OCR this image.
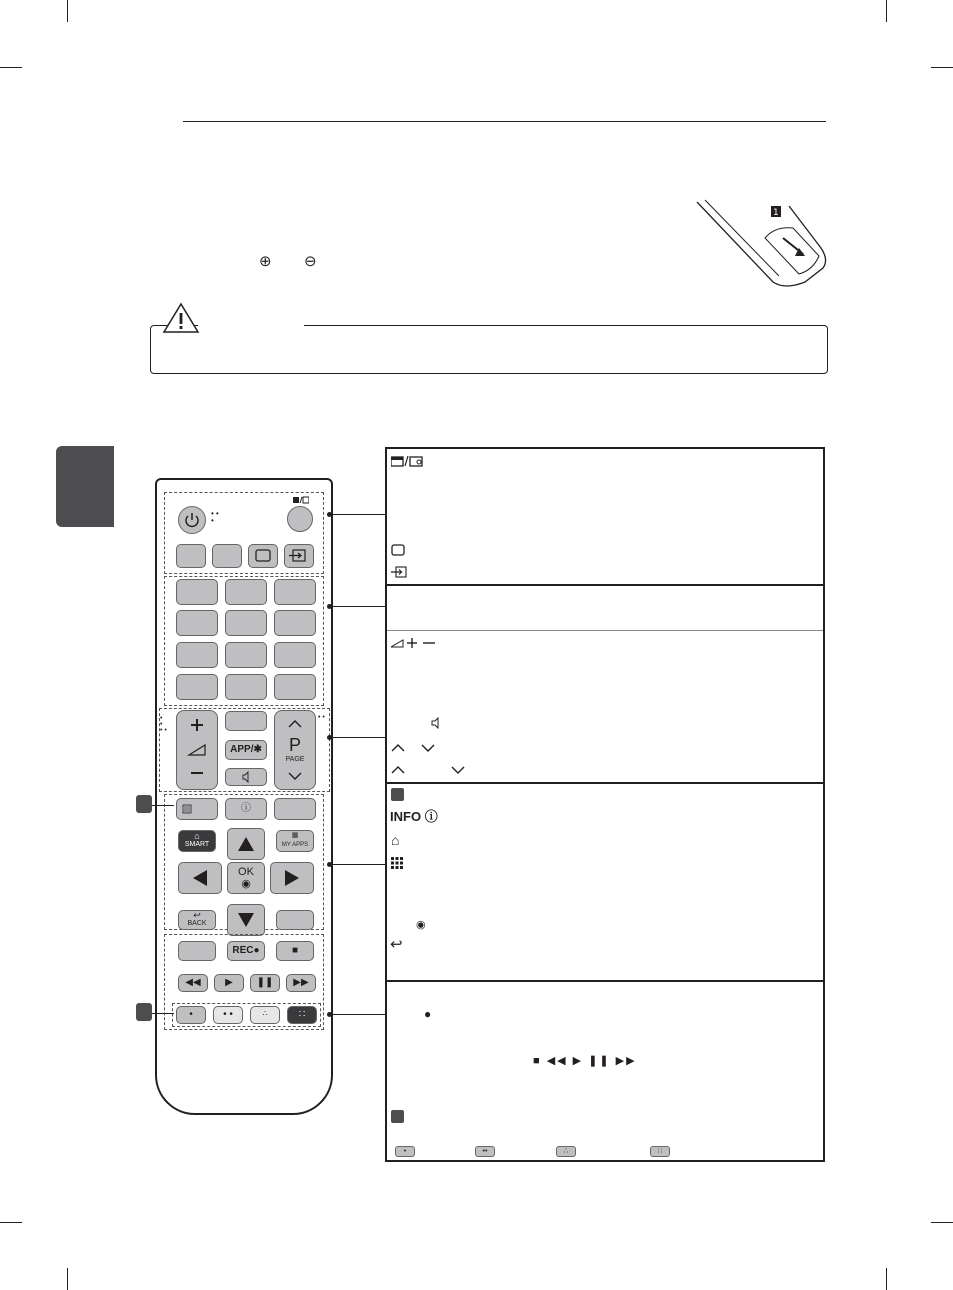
⊕ ⊖
1
• •
•
•
•
• •
• •
APP/✱	P
PAGE
ⓘ
⌂
SMART
▦
MY APPS
OK
◉
↩
BACK
REC●	■
◀◀	▶	❚❚	▶▶
•	• •	∴	∷
INFO ⓘ
⌂
◉
↩
●
■ ◀◀ ▶ ❚❚ ▶▶
•	••	∴	∷
